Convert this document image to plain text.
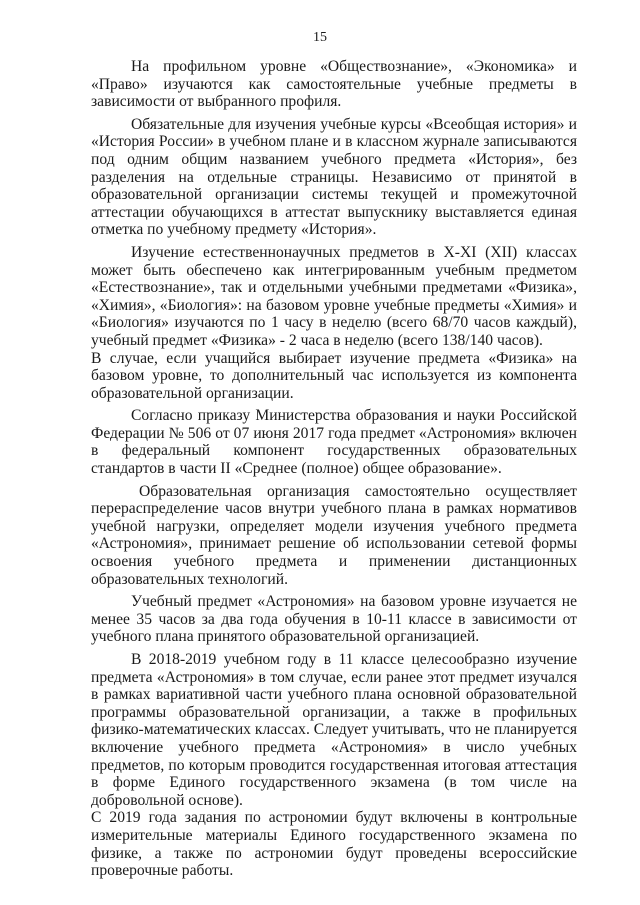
15

На профильном уровне «Обществознание», «Экономика» и «Право» изучаются как самостоятельные учебные предметы в зависимости от выбранного профиля.

Обязательные для изучения учебные курсы «Всеобщая история» и «История России» в учебном плане и в классном журнале записываются под одним общим названием учебного предмета «История», без разделения на отдельные страницы. Независимо от принятой в образовательной организации системы текущей и промежуточной аттестации обучающихся в аттестат выпускнику выставляется единая отметка по учебному предмету «История».

Изучение естественнонаучных предметов в X-XI (XII) классах может быть обеспечено как интегрированным учебным предметом «Естествознание», так и отдельными учебными предметами «Физика», «Химия», «Биология»: на базовом уровне учебные предметы «Химия» и «Биология» изучаются по 1 часу в неделю (всего 68/70 часов каждый), учебный предмет «Физика» - 2 часа в неделю (всего 138/140 часов).

В случае, если учащийся выбирает изучение предмета «Физика» на базовом уровне, то дополнительный час используется из компонента образовательной организации.

Согласно приказу Министерства образования и науки Российской Федерации № 506 от 07 июня 2017 года предмет «Астрономия» включен в федеральный компонент государственных образовательных стандартов в части II «Среднее (полное) общее образование».

Образовательная организация самостоятельно осуществляет перераспределение часов внутри учебного плана в рамках нормативов учебной нагрузки, определяет модели изучения учебного предмета «Астрономия», принимает решение об использовании сетевой формы освоения учебного предмета и применении дистанционных образовательных технологий.

Учебный предмет «Астрономия» на базовом уровне изучается не менее 35 часов за два года обучения в 10-11 классе в зависимости от учебного плана принятого образовательной организацией.

В 2018-2019 учебном году в 11 классе целесообразно изучение предмета «Астрономия» в том случае, если ранее этот предмет изучался в рамках вариативной части учебного плана основной образовательной программы образовательной организации, а также в профильных физико-математических классах. Следует учитывать, что не планируется включение учебного предмета «Астрономия» в число учебных предметов, по которым проводится государственная итоговая аттестация в форме Единого государственного экзамена (в том числе на добровольной основе).

С 2019 года задания по астрономии будут включены в контрольные измерительные материалы Единого государственного экзамена по физике, а также по астрономии будут проведены всероссийские проверочные работы.
